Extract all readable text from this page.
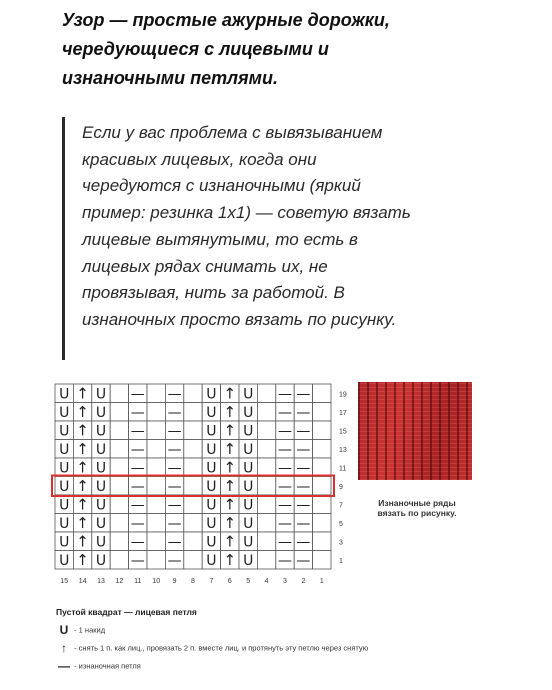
Узор — простые ажурные дорожки,
чередующиеся с лицевыми и
изнаночными петлями.
Если у вас проблема с вывязыванием
красивых лицевых, когда они
чередуются с изнаночными (яркий
пример: резинка 1х1) — советую вязать
лицевые вытянутыми, то есть в
лицевых рядах снимать их, не
провязывая, нить за работой. В
изнаночных просто вязать по рисунку.
U ↑ U — — U ↑ U — —
U ↑ U — — U ↑ U — —
U ↑ U — — U ↑ U — —
U ↑ U — — U ↑ U — —
U ↑ U — — U ↑ U — —
U ↑ U — — U ↑ U — —
U ↑ U — — U ↑ U — —
U ↑ U — — U ↑ U — —
U ↑ U — — U ↑ U — —
U ↑ U — — U ↑ U — —
19
17
15
13
11
9
7
5
3
1
15 14 13 12 11 10 9 8 7 6 5 4 3 2 1
Изнаночные ряды
вязать по рисунку.
Пустой квадрат — лицевая петля
U - 1 накид
↑ - снять 1 п. как лиц., провязать 2 п. вместе лиц. и протянуть эту петлю через снятую
— - изнаночная петля
